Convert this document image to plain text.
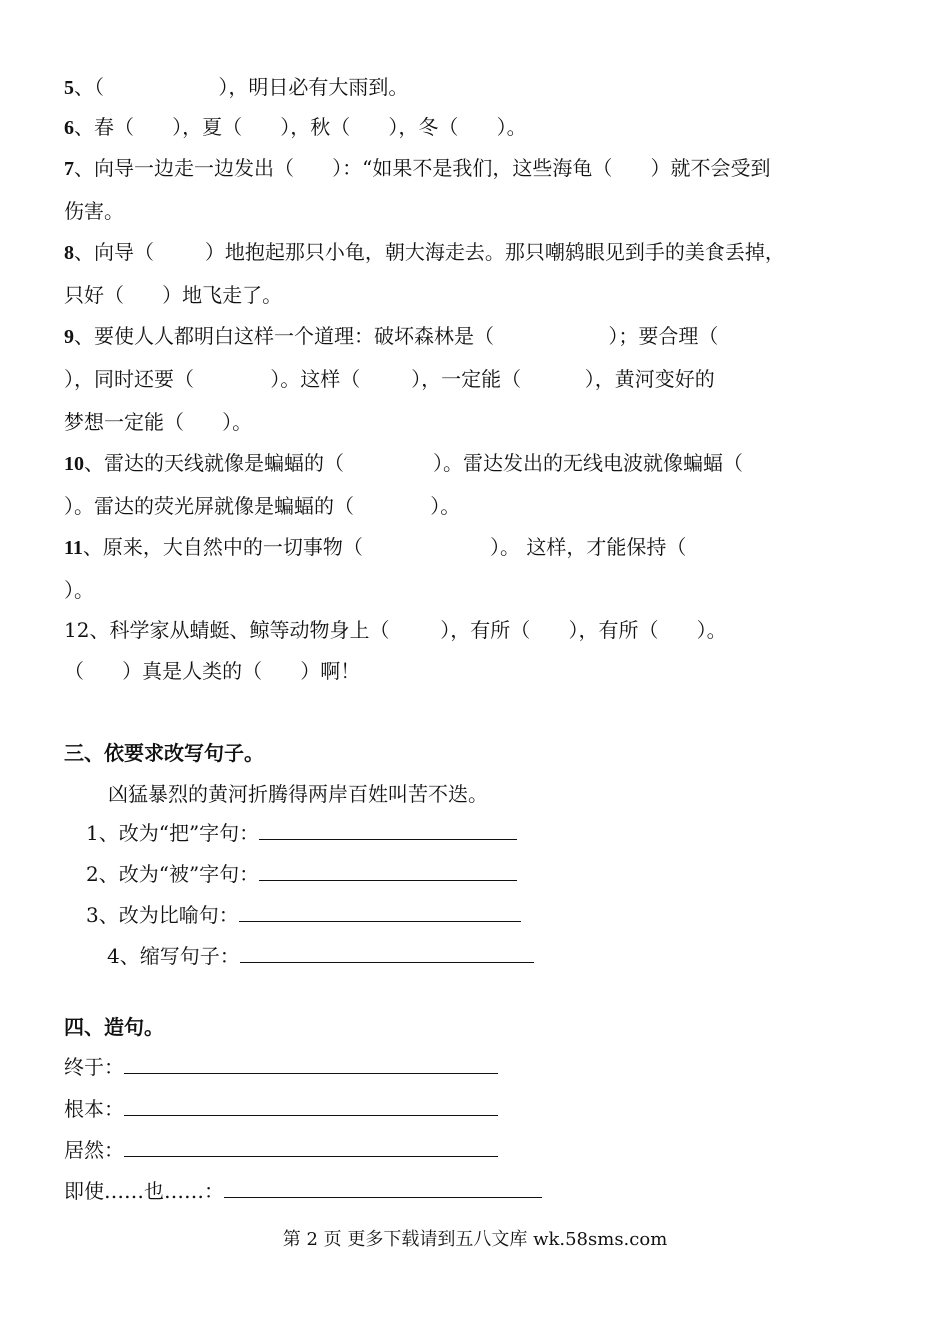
5、（                  ），明日必有大雨到。
6、春（      ），夏（      ），秋（      ），冬（      ）。
7、向导一边走一边发出（      ）：“如果不是我们，这些海龟（      ）就不会受到
伤害。
8、向导（        ）地抱起那只小龟，朝大海走去。那只嘲鸫眼见到手的美食丢掉，
只好（      ）地飞走了。
9、要使人人都明白这样一个道理：破坏森林是（                  ）；要合理（
），同时还要（            ）。这样（        ），一定能（          ），黄河变好的
梦想一定能（      ）。
10、雷达的天线就像是蝙蝠的（              ）。雷达发出的无线电波就像蝙蝠（
）。雷达的荧光屏就像是蝙蝠的（            ）。
11、原来，大自然中的一切事物（                    ）。 这样，才能保持（
）。
12、科学家从蜻蜓、鲸等动物身上（        ），有所（      ），有所（      ）。
（      ）真是人类的（      ）啊！
三、依要求改写句子。
凶猛暴烈的黄河折腾得两岸百姓叫苦不迭。
1、改为“把”字句：
2、改为“被”字句：
3、改为比喻句：
4、缩写句子：
四、造句。
终于：
根本：
居然：
即使……也……：
第 2 页 更多下载请到五八文库 wk.58sms.com
